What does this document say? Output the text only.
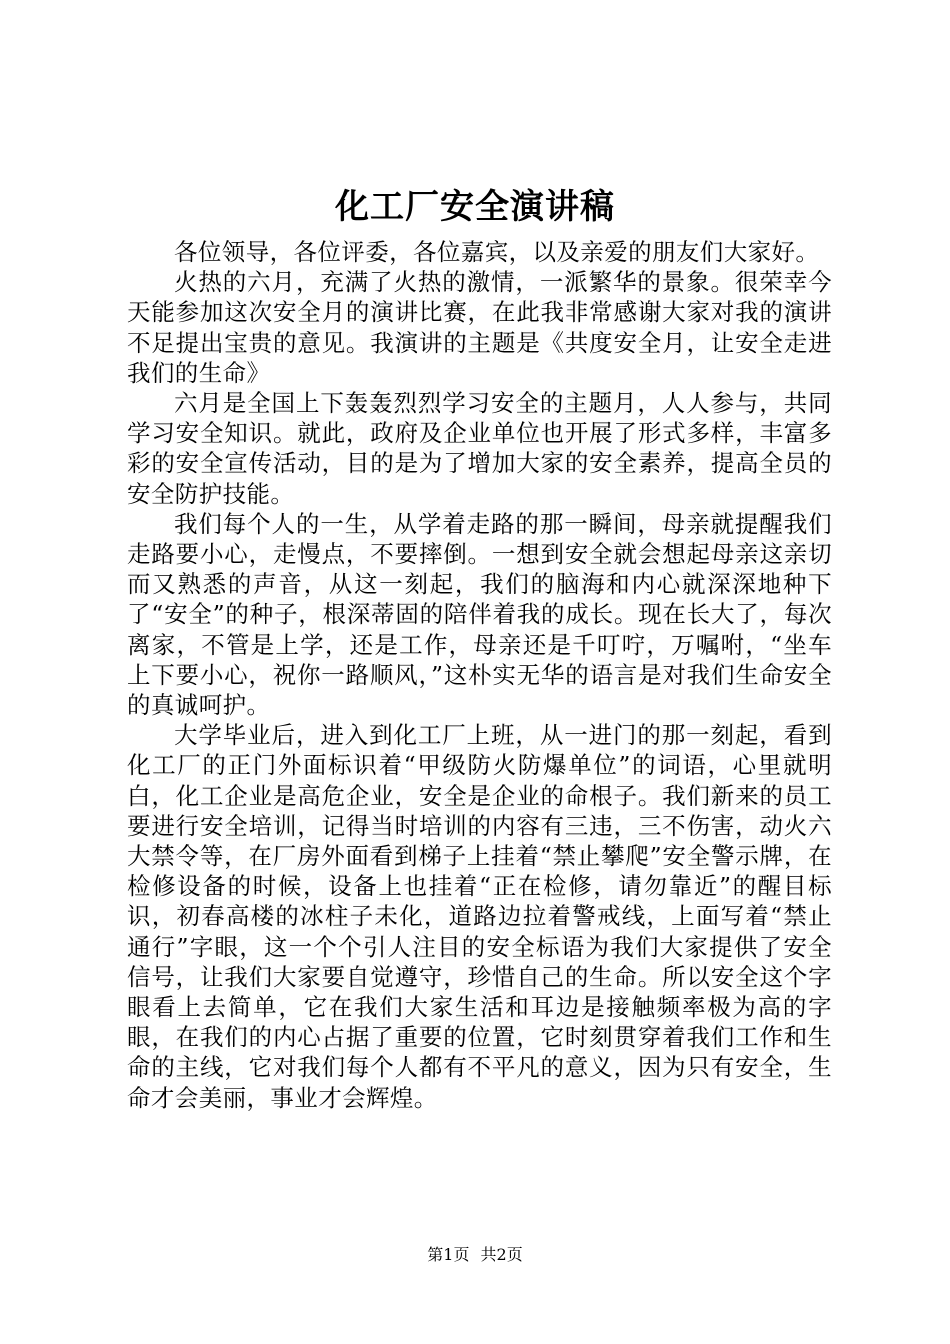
化工厂安全演讲稿

各位领导，各位评委，各位嘉宾，以及亲爱的朋友们大家好。

火热的六月，充满了火热的激情，一派繁华的景象。很荣幸今天能参加这次安全月的演讲比赛，在此我非常感谢大家对我的演讲不足提出宝贵的意见。我演讲的主题是《共度安全月，让安全走进我们的生命》

六月是全国上下轰轰烈烈学习安全的主题月，人人参与，共同学习安全知识。就此，政府及企业单位也开展了形式多样，丰富多彩的安全宣传活动，目的是为了增加大家的安全素养，提高全员的安全防护技能。

我们每个人的一生，从学着走路的那一瞬间，母亲就提醒我们走路要小心，走慢点，不要摔倒。一想到安全就会想起母亲这亲切而又熟悉的声音，从这一刻起，我们的脑海和内心就深深地种下了“安全”的种子，根深蒂固的陪伴着我的成长。现在长大了，每次离家，不管是上学，还是工作，母亲还是千叮咛，万嘱咐，“坐车上下要小心，祝你一路顺风，”这朴实无华的语言是对我们生命安全的真诚呵护。

大学毕业后，进入到化工厂上班，从一进门的那一刻起，看到化工厂的正门外面标识着“甲级防火防爆单位”的词语，心里就明白，化工企业是高危企业，安全是企业的命根子。我们新来的员工要进行安全培训，记得当时培训的内容有三违，三不伤害，动火六大禁令等，在厂房外面看到梯子上挂着“禁止攀爬”安全警示牌，在检修设备的时候，设备上也挂着“正在检修，请勿靠近”的醒目标识，初春高楼的冰柱子未化，道路边拉着警戒线，上面写着“禁止通行”字眼，这一个个引人注目的安全标语为我们大家提供了安全信号，让我们大家要自觉遵守，珍惜自己的生命。所以安全这个字眼看上去简单，它在我们大家生活和耳边是接触频率极为高的字眼，在我们的内心占据了重要的位置，它时刻贯穿着我们工作和生命的主线，它对我们每个人都有不平凡的意义，因为只有安全，生命才会美丽，事业才会辉煌。

第1页 共2页
